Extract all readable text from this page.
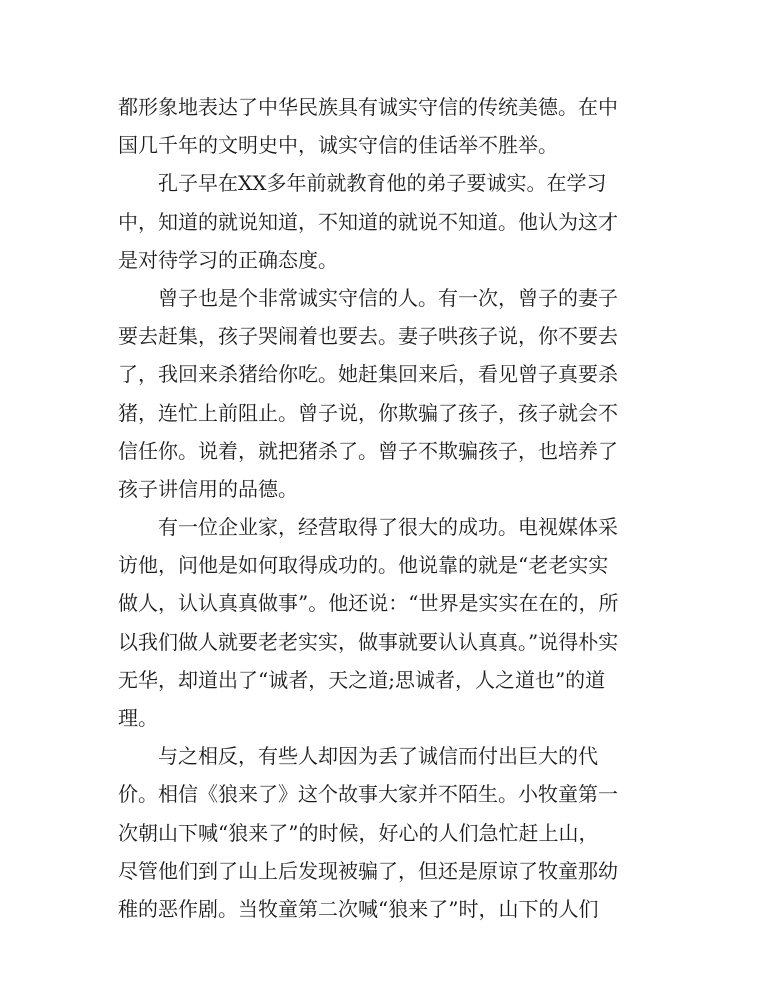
都形象地表达了中华民族具有诚实守信的传统美德。在中
国几千年的文明史中，诚实守信的佳话举不胜举。
孔子早在XX多年前就教育他的弟子要诚实。在学习
中，知道的就说知道，不知道的就说不知道。他认为这才
是对待学习的正确态度。
曾子也是个非常诚实守信的人。有一次，曾子的妻子
要去赶集，孩子哭闹着也要去。妻子哄孩子说，你不要去
了，我回来杀猪给你吃。她赶集回来后，看见曾子真要杀
猪，连忙上前阻止。曾子说，你欺骗了孩子，孩子就会不
信任你。说着，就把猪杀了。曾子不欺骗孩子，也培养了
孩子讲信用的品德。
有一位企业家，经营取得了很大的成功。电视媒体采
访他，问他是如何取得成功的。他说靠的就是“老老实实
做人，认认真真做事”。他还说：“世界是实实在在的，所
以我们做人就要老老实实，做事就要认认真真。”说得朴实
无华，却道出了“诚者，天之道;思诚者，人之道也”的道
理。
与之相反，有些人却因为丢了诚信而付出巨大的代
价。相信《狼来了》这个故事大家并不陌生。小牧童第一
次朝山下喊“狼来了”的时候，好心的人们急忙赶上山，
尽管他们到了山上后发现被骗了，但还是原谅了牧童那幼
稚的恶作剧。当牧童第二次喊“狼来了”时，山下的人们
